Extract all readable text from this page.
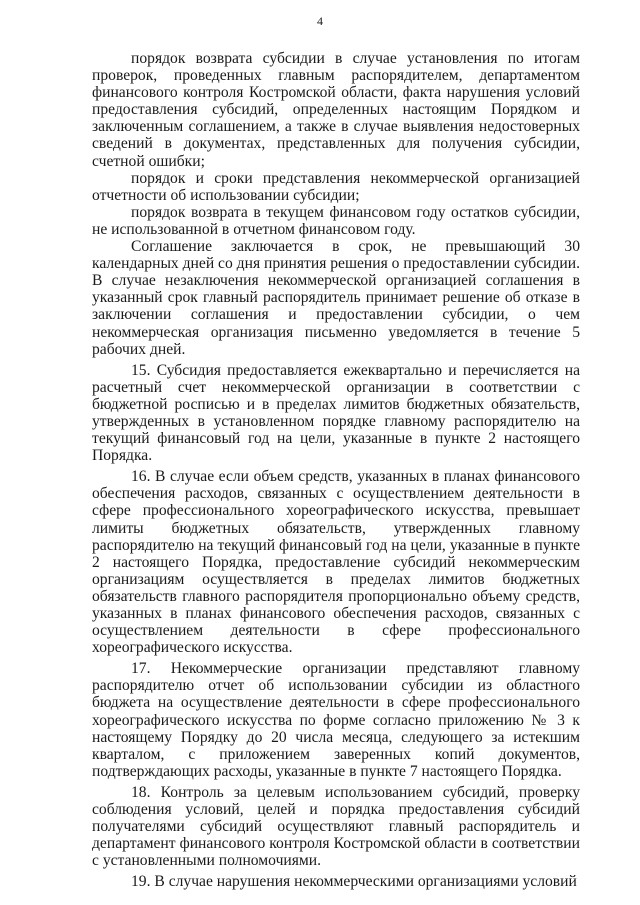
4

порядок возврата субсидии в случае установления по итогам проверок, проведенных главным распорядителем, департаментом финансового контроля Костромской области, факта нарушения условий предоставления субсидий, определенных настоящим Порядком и заключенным соглашением, а также в случае выявления недостоверных сведений в документах, представленных для получения субсидии, счетной ошибки;

порядок и сроки представления некоммерческой организацией отчетности об использовании субсидии;

порядок возврата в текущем финансовом году остатков субсидии, не использованной в отчетном финансовом году.

Соглашение заключается в срок, не превышающий 30 календарных дней со дня принятия решения о предоставлении субсидии. В случае незаключения некоммерческой организацией соглашения в указанный срок главный распорядитель принимает решение об отказе в заключении соглашения и предоставлении субсидии, о чем некоммерческая организация письменно уведомляется в течение 5 рабочих дней.

15. Субсидия предоставляется ежеквартально и перечисляется на расчетный счет некоммерческой организации в соответствии с бюджетной росписью и в пределах лимитов бюджетных обязательств, утвержденных в установленном порядке главному распорядителю на текущий финансовый год на цели, указанные в пункте 2 настоящего Порядка.

16. В случае если объем средств, указанных в планах финансового обеспечения расходов, связанных с осуществлением деятельности в сфере профессионального хореографического искусства, превышает лимиты бюджетных обязательств, утвержденных главному распорядителю на текущий финансовый год на цели, указанные в пункте 2 настоящего Порядка, предоставление субсидий некоммерческим организациям осуществляется в пределах лимитов бюджетных обязательств главного распорядителя пропорционально объему средств, указанных в планах финансового обеспечения расходов, связанных с осуществлением деятельности в сфере профессионального хореографического искусства.

17. Некоммерческие организации представляют главному распорядителю отчет об использовании субсидии из областного бюджета на осуществление деятельности в сфере профессионального хореографического искусства по форме согласно приложению № 3 к настоящему Порядку до 20 числа месяца, следующего за истекшим кварталом, с приложением заверенных копий документов, подтверждающих расходы, указанные в пункте 7 настоящего Порядка.

18. Контроль за целевым использованием субсидий, проверку соблюдения условий, целей и порядка предоставления субсидий получателями субсидий осуществляют главный распорядитель и департамент финансового контроля Костромской области в соответствии с установленными полномочиями.

19. В случае нарушения некоммерческими организациями условий
